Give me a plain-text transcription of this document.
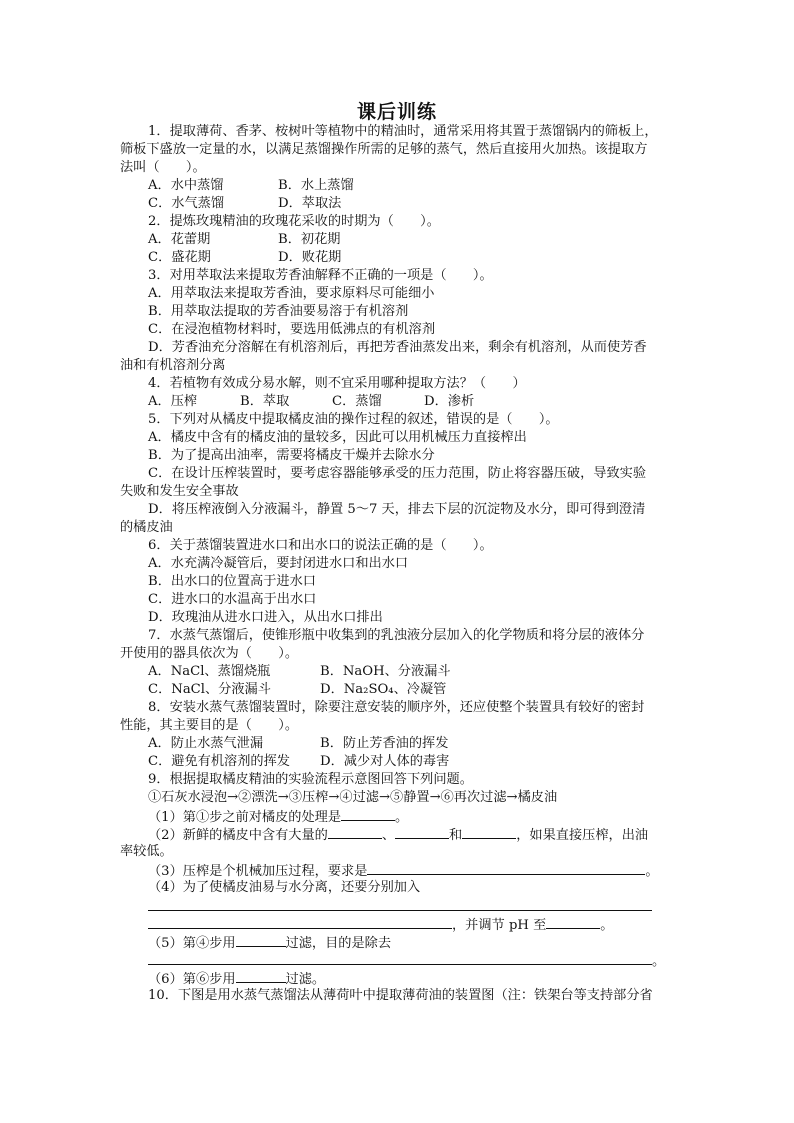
课后训练
1．提取薄荷、香茅、桉树叶等植物中的精油时，通常采用将其置于蒸馏锅内的筛板上，
筛板下盛放一定量的水，以满足蒸馏操作所需的足够的蒸气，然后直接用火加热。该提取方
法叫（　　）。
A．水中蒸馏	B．水上蒸馏
C．水气蒸馏	D．萃取法
2．提炼玫瑰精油的玫瑰花采收的时期为（　　）。
A．花蕾期	B．初花期
C．盛花期	D．败花期
3．对用萃取法来提取芳香油解释不正确的一项是（　　）。
A．用萃取法来提取芳香油，要求原料尽可能细小
B．用萃取法提取的芳香油要易溶于有机溶剂
C．在浸泡植物材料时，要选用低沸点的有机溶剂
D．芳香油充分溶解在有机溶剂后，再把芳香油蒸发出来，剩余有机溶剂，从而使芳香
油和有机溶剂分离
4．若植物有效成分易水解，则不宜采用哪种提取方法？（　　）
A．压榨	B．萃取	C．蒸馏	D．渗析
5．下列对从橘皮中提取橘皮油的操作过程的叙述，错误的是（　　）。
A．橘皮中含有的橘皮油的量较多，因此可以用机械压力直接榨出
B．为了提高出油率，需要将橘皮干燥并去除水分
C．在设计压榨装置时，要考虑容器能够承受的压力范围，防止将容器压破，导致实验
失败和发生安全事故
D．将压榨液倒入分液漏斗，静置 5～7 天，排去下层的沉淀物及水分，即可得到澄清
的橘皮油
6．关于蒸馏装置进水口和出水口的说法正确的是（　　）。
A．水充满冷凝管后，要封闭进水口和出水口
B．出水口的位置高于进水口
C．进水口的水温高于出水口
D．玫瑰油从进水口进入，从出水口排出
7．水蒸气蒸馏后，使锥形瓶中收集到的乳浊液分层加入的化学物质和将分层的液体分
开使用的器具依次为（　　）。
A．NaCl、蒸馏烧瓶	B．NaOH、分液漏斗
C．NaCl、分液漏斗	D．Na₂SO₄、冷凝管
8．安装水蒸气蒸馏装置时，除要注意安装的顺序外，还应使整个装置具有较好的密封
性能，其主要目的是（　　）。
A．防止水蒸气泄漏	B．防止芳香油的挥发
C．避免有机溶剂的挥发 D．减少对人体的毒害
9．根据提取橘皮精油的实验流程示意图回答下列问题。
①石灰水浸泡→②漂洗→③压榨→④过滤→⑤静置→⑥再次过滤→橘皮油
（1）第①步之前对橘皮的处理是	。
（2）新鲜的橘皮中含有大量的	、	和	，如果直接压榨，出油
率较低。
（3）压榨是个机械加压过程，要求是	。
（4）为了使橘皮油易与水分离，还要分别加入
，并调节 pH 至	。
（5）第④步用	过滤，目的是除去
。
（6）第⑥步用	过滤。
10．下图是用水蒸气蒸馏法从薄荷叶中提取薄荷油的装置图（注：铁架台等支持部分省
